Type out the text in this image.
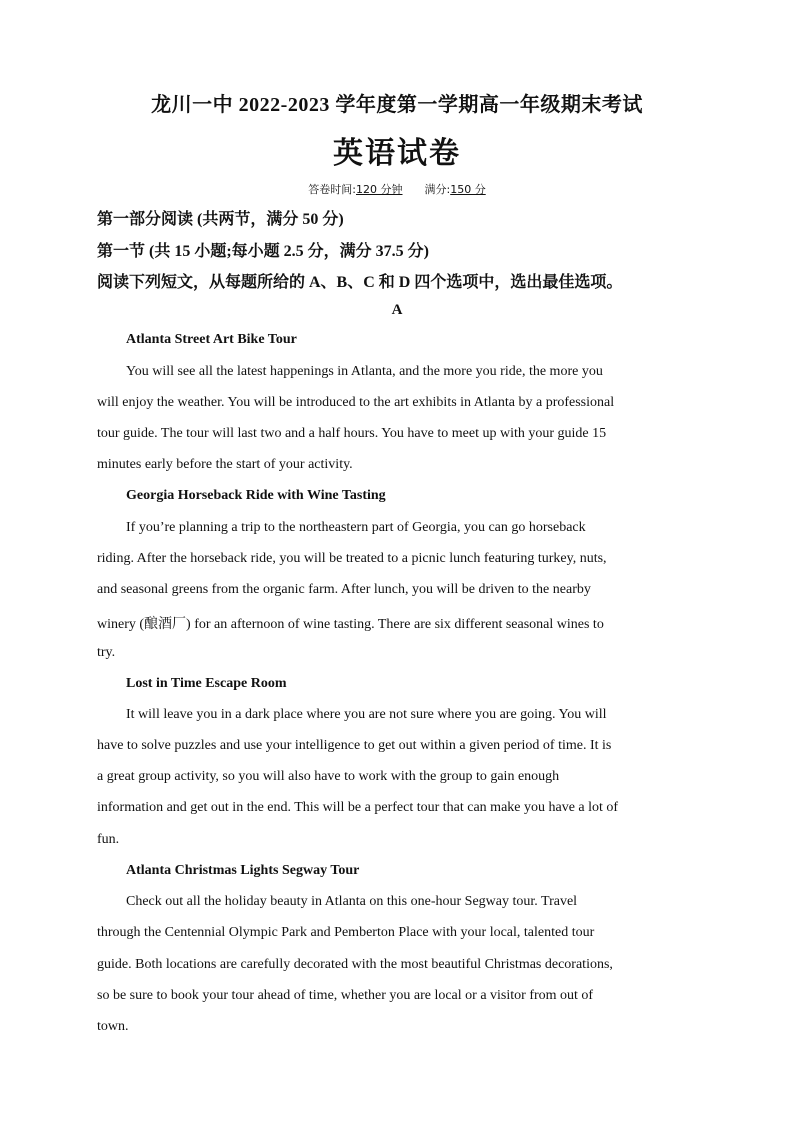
龙川一中 2022-2023 学年度第一学期高一年级期末考试
英语试卷
答卷时间:120 分钟 满分:150 分
第一部分阅读 (共两节，满分 50 分)
第一节 (共 15 小题;每小题 2.5 分，满分 37.5 分)
阅读下列短文，从每题所给的 A、B、C 和 D 四个选项中，选出最佳选项。
A
Atlanta Street Art Bike Tour
You will see all the latest happenings in Atlanta, and the more you ride, the more you
will enjoy the weather. You will be introduced to the art exhibits in Atlanta by a professional
tour guide. The tour will last two and a half hours. You have to meet up with your guide 15
minutes early before the start of your activity.
Georgia Horseback Ride with Wine Tasting
If you’re planning a trip to the northeastern part of Georgia, you can go horseback
riding. After the horseback ride, you will be treated to a picnic lunch featuring turkey, nuts,
and seasonal greens from the organic farm. After lunch, you will be driven to the nearby
winery (酿酒厂) for an afternoon of wine tasting. There are six different seasonal wines to
try.
Lost in Time Escape Room
It will leave you in a dark place where you are not sure where you are going. You will
have to solve puzzles and use your intelligence to get out within a given period of time. It is
a great group activity, so you will also have to work with the group to gain enough
information and get out in the end. This will be a perfect tour that can make you have a lot of
fun.
Atlanta Christmas Lights Segway Tour
Check out all the holiday beauty in Atlanta on this one-hour Segway tour. Travel
through the Centennial Olympic Park and Pemberton Place with your local, talented tour
guide. Both locations are carefully decorated with the most beautiful Christmas decorations,
so be sure to book your tour ahead of time, whether you are local or a visitor from out of
town.
